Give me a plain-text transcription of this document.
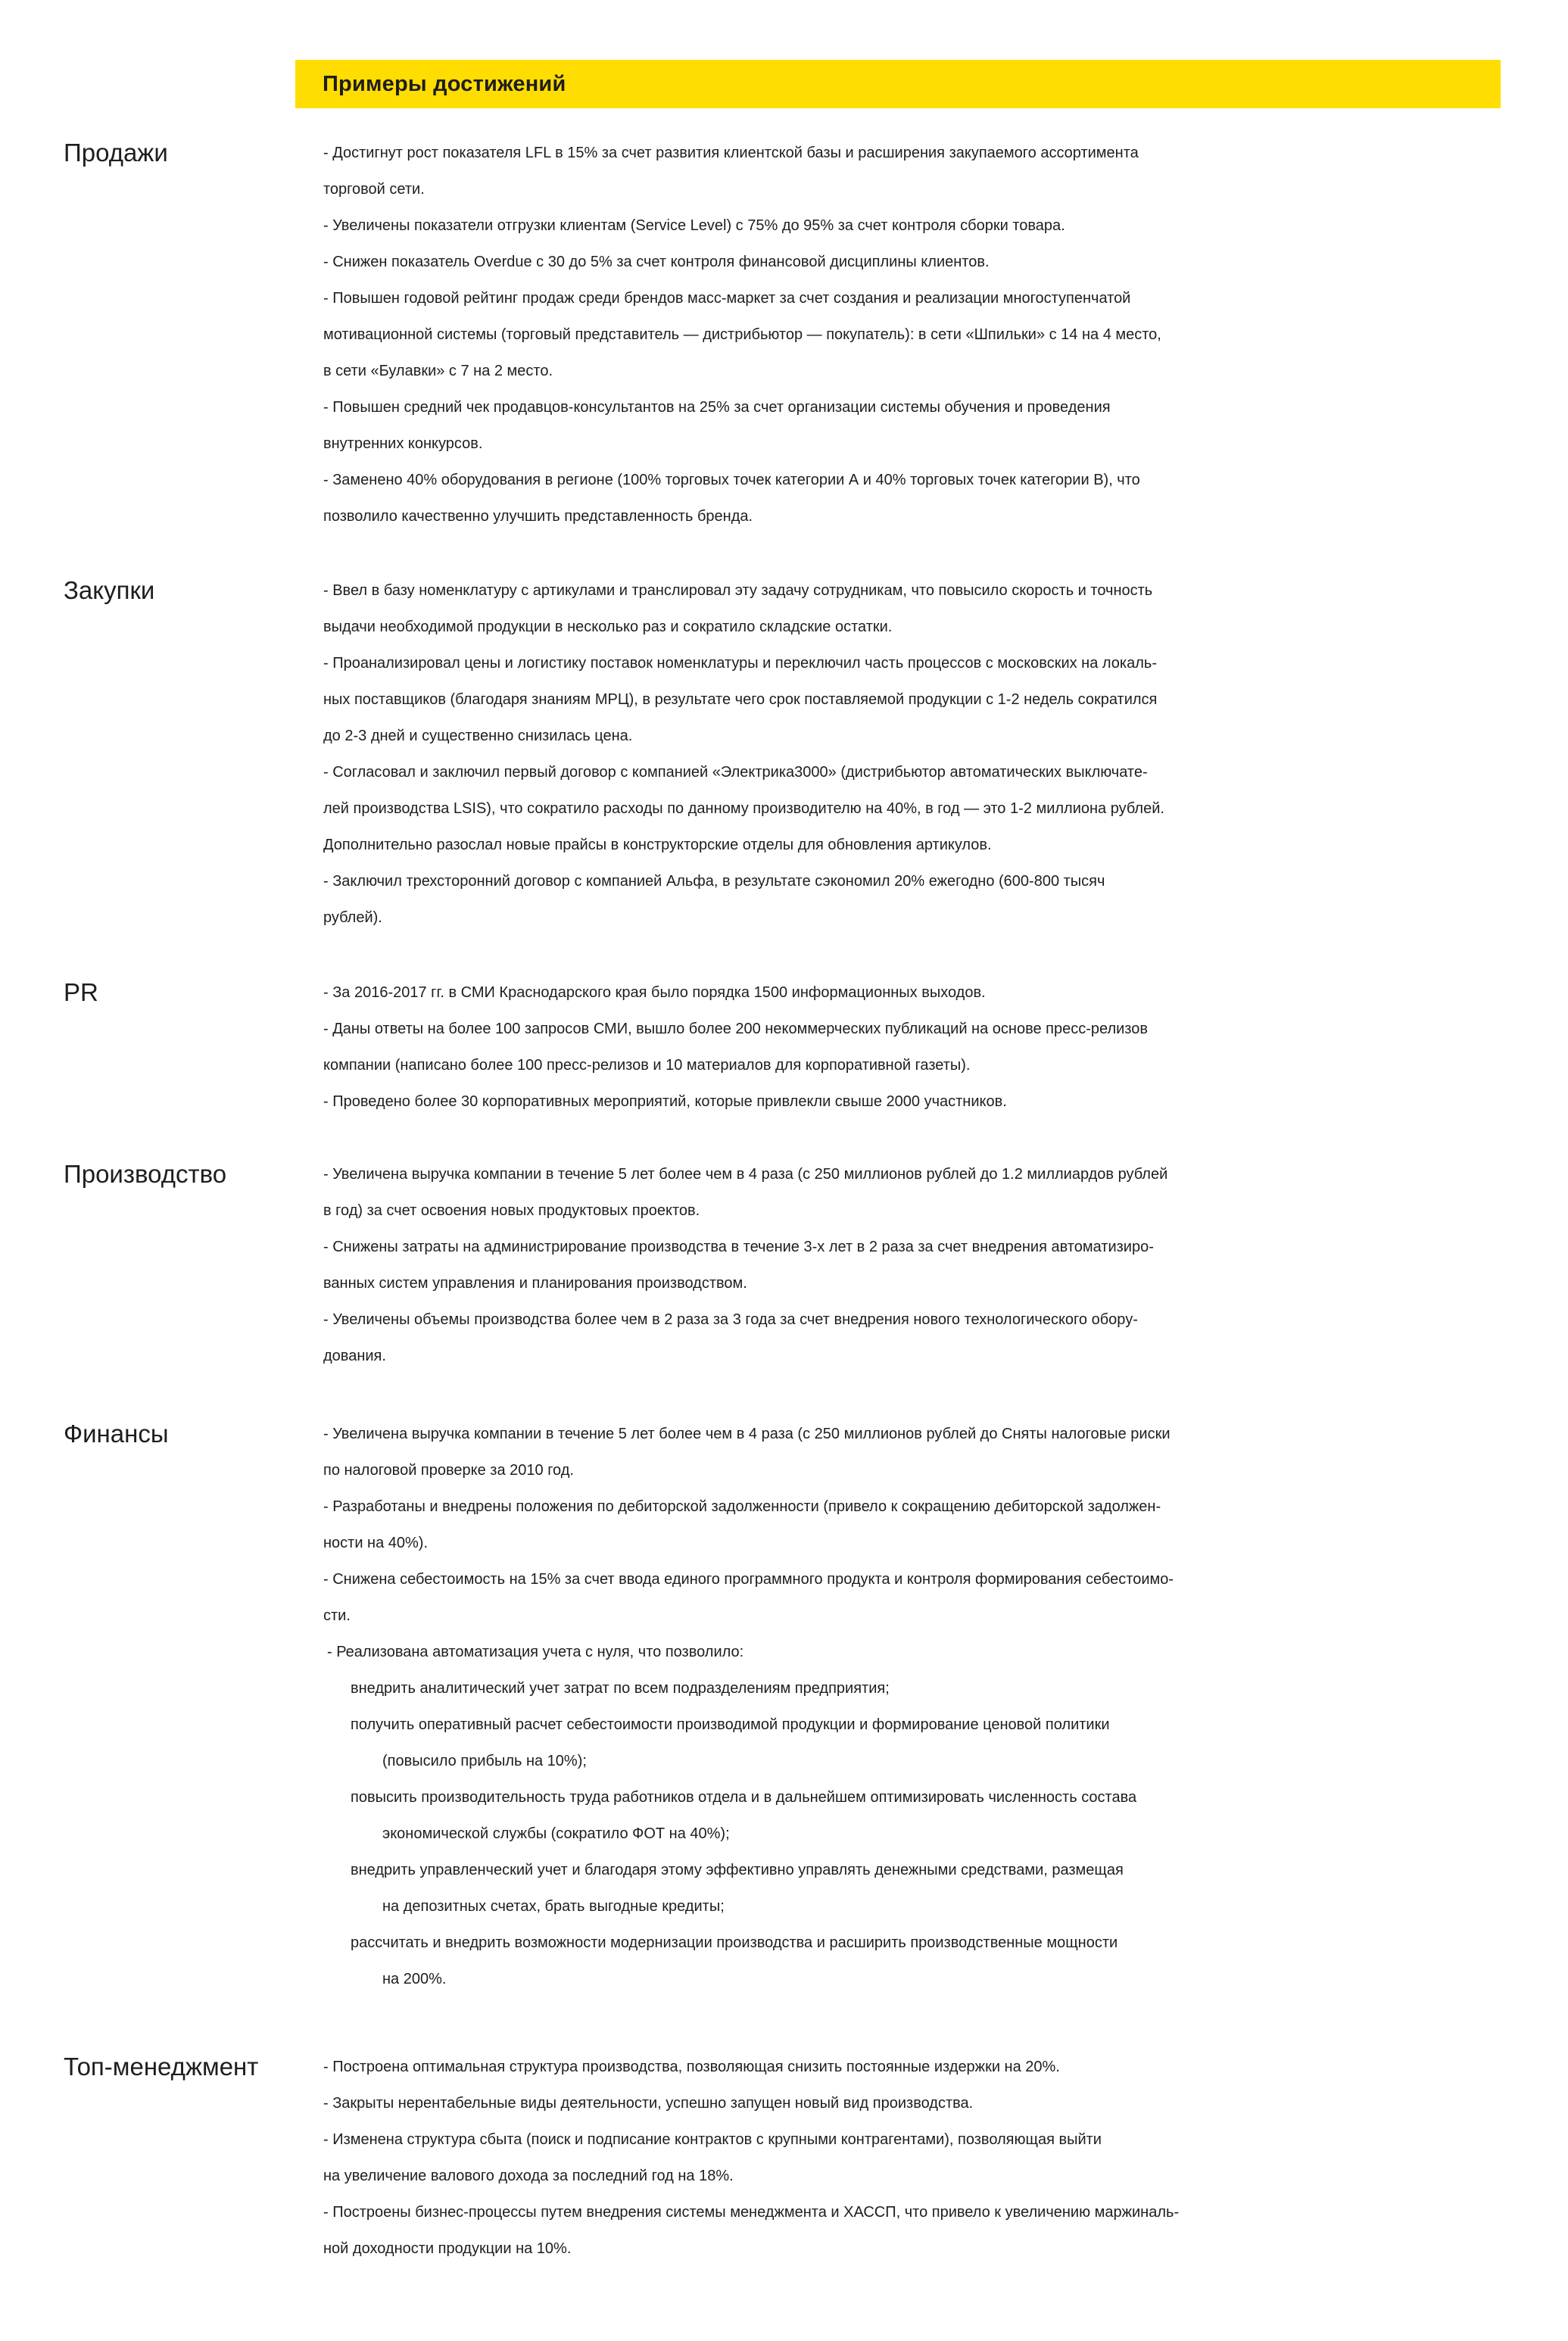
Примеры достижений
Продажи	- Достигнут рост показателя LFL в 15% за счет развития клиентской базы и расширения закупаемого ассортимента
торговой сети.
- Увеличены показатели отгрузки клиентам (Service Level) с 75% до 95% за счет контроля сборки товара.
- Снижен показатель Overdue с 30 до 5% за счет контроля финансовой дисциплины клиентов.
- Повышен годовой рейтинг продаж среди брендов масс-маркет за счет создания и реализации многоступенчатой
мотивационной системы (торговый представитель — дистрибьютор — покупатель): в сети «Шпильки» с 14 на 4 место,
в сети «Булавки» с 7 на 2 место.
- Повышен средний чек продавцов-консультантов на 25% за счет организации системы обучения и проведения
внутренних конкурсов.
- Заменено 40% оборудования в регионе (100% торговых точек категории А и 40% торговых точек категории В), что
позволило качественно улучшить представленность бренда.
Закупки	- Ввел в базу номенклатуру с артикулами и транслировал эту задачу сотрудникам, что повысило скорость и точность
выдачи необходимой продукции в несколько раз и сократило складские остатки.
- Проанализировал цены и логистику поставок номенклатуры и переключил часть процессов с московских на локаль-
ных поставщиков (благодаря знаниям МРЦ), в результате чего срок поставляемой продукции с 1-2 недель сократился
до 2-3 дней и существенно снизилась цена.
- Согласовал и заключил первый договор с компанией «Электрика3000» (дистрибьютор автоматических выключате-
лей производства LSIS), что сократило расходы по данному производителю на 40%, в год — это 1-2 миллиона рублей.
Дополнительно разослал новые прайсы в конструкторские отделы для обновления артикулов.
- Заключил трехсторонний договор с компанией Альфа, в результате сэкономил 20% ежегодно (600-800 тысяч
рублей).
PR	- За 2016-2017 гг. в СМИ Краснодарского края было порядка 1500 информационных выходов.
- Даны ответы на более 100 запросов СМИ, вышло более 200 некоммерческих публикаций на основе пресс-релизов
компании (написано более 100 пресс-релизов и 10 материалов для корпоративной газеты).
- Проведено более 30 корпоративных мероприятий, которые привлекли свыше 2000 участников.
Производство	- Увеличена выручка компании в течение 5 лет более чем в 4 раза (с 250 миллионов рублей до 1.2 миллиардов рублей
в год) за счет освоения новых продуктовых проектов.
- Снижены затраты на администрирование производства в течение 3-х лет в 2 раза за счет внедрения автоматизиро-
ванных систем управления и планирования производством.
- Увеличены объемы производства более чем в 2 раза за 3 года за счет внедрения нового технологического обору-
дования.
Финансы	- Увеличена выручка компании в течение 5 лет более чем в 4 раза (с 250 миллионов рублей до Сняты налоговые риски
по налоговой проверке за 2010 год.
- Разработаны и внедрены положения по дебиторской задолженности (привело к сокращению дебиторской задолжен-
ности на 40%).
- Снижена себестоимость на 15% за счет ввода единого программного продукта и контроля формирования себестоимо-
сти.
- Реализована автоматизация учета с нуля, что позволило:
внедрить аналитический учет затрат по всем подразделениям предприятия;
получить оперативный расчет себестоимости производимой продукции и формирование ценовой политики
(повысило прибыль на 10%);
повысить производительность труда работников отдела и в дальнейшем оптимизировать численность состава
экономической службы (сократило ФОТ на 40%);
внедрить управленческий учет и благодаря этому эффективно управлять денежными средствами, размещая
на депозитных счетах, брать выгодные кредиты;
рассчитать и внедрить возможности модернизации производства и расширить производственные мощности
на 200%.
Топ-менеджмент	- Построена оптимальная структура производства, позволяющая снизить постоянные издержки на 20%.
- Закрыты нерентабельные виды деятельности, успешно запущен новый вид производства.
- Изменена структура сбыта (поиск и подписание контрактов с крупными контрагентами), позволяющая выйти
на увеличение валового дохода за последний год на 18%.
- Построены бизнес-процессы путем внедрения системы менеджмента и ХАССП, что привело к увеличению маржиналь-
ной доходности продукции на 10%.
